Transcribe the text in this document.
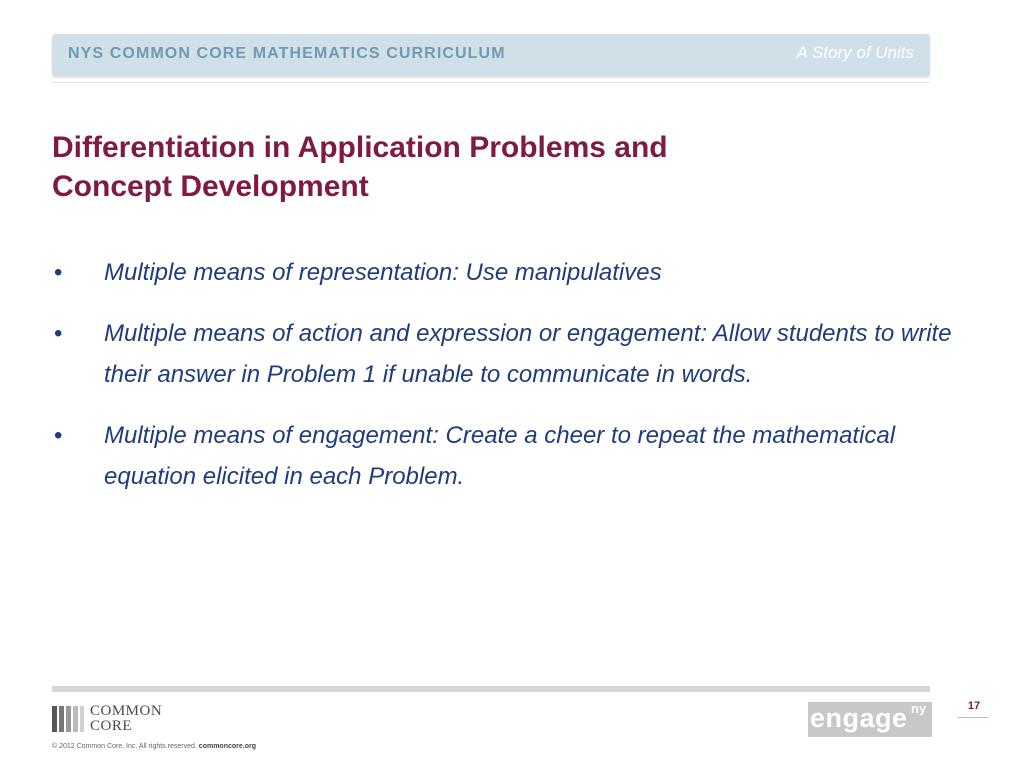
NYS COMMON CORE MATHEMATICS CURRICULUM	A Story of Units
Differentiation in Application Problems and
Concept Development
• Multiple means of representation: Use manipulatives
• Multiple means of action and expression or engagement: Allow students to write their answer in Problem 1 if unable to communicate in words.
• Multiple means of engagement: Create a cheer to repeat the mathematical equation elicited in each Problem.
COMMON
CORE
© 2012 Common Core, Inc. All rights reserved. commoncore.org
engage ny	17
